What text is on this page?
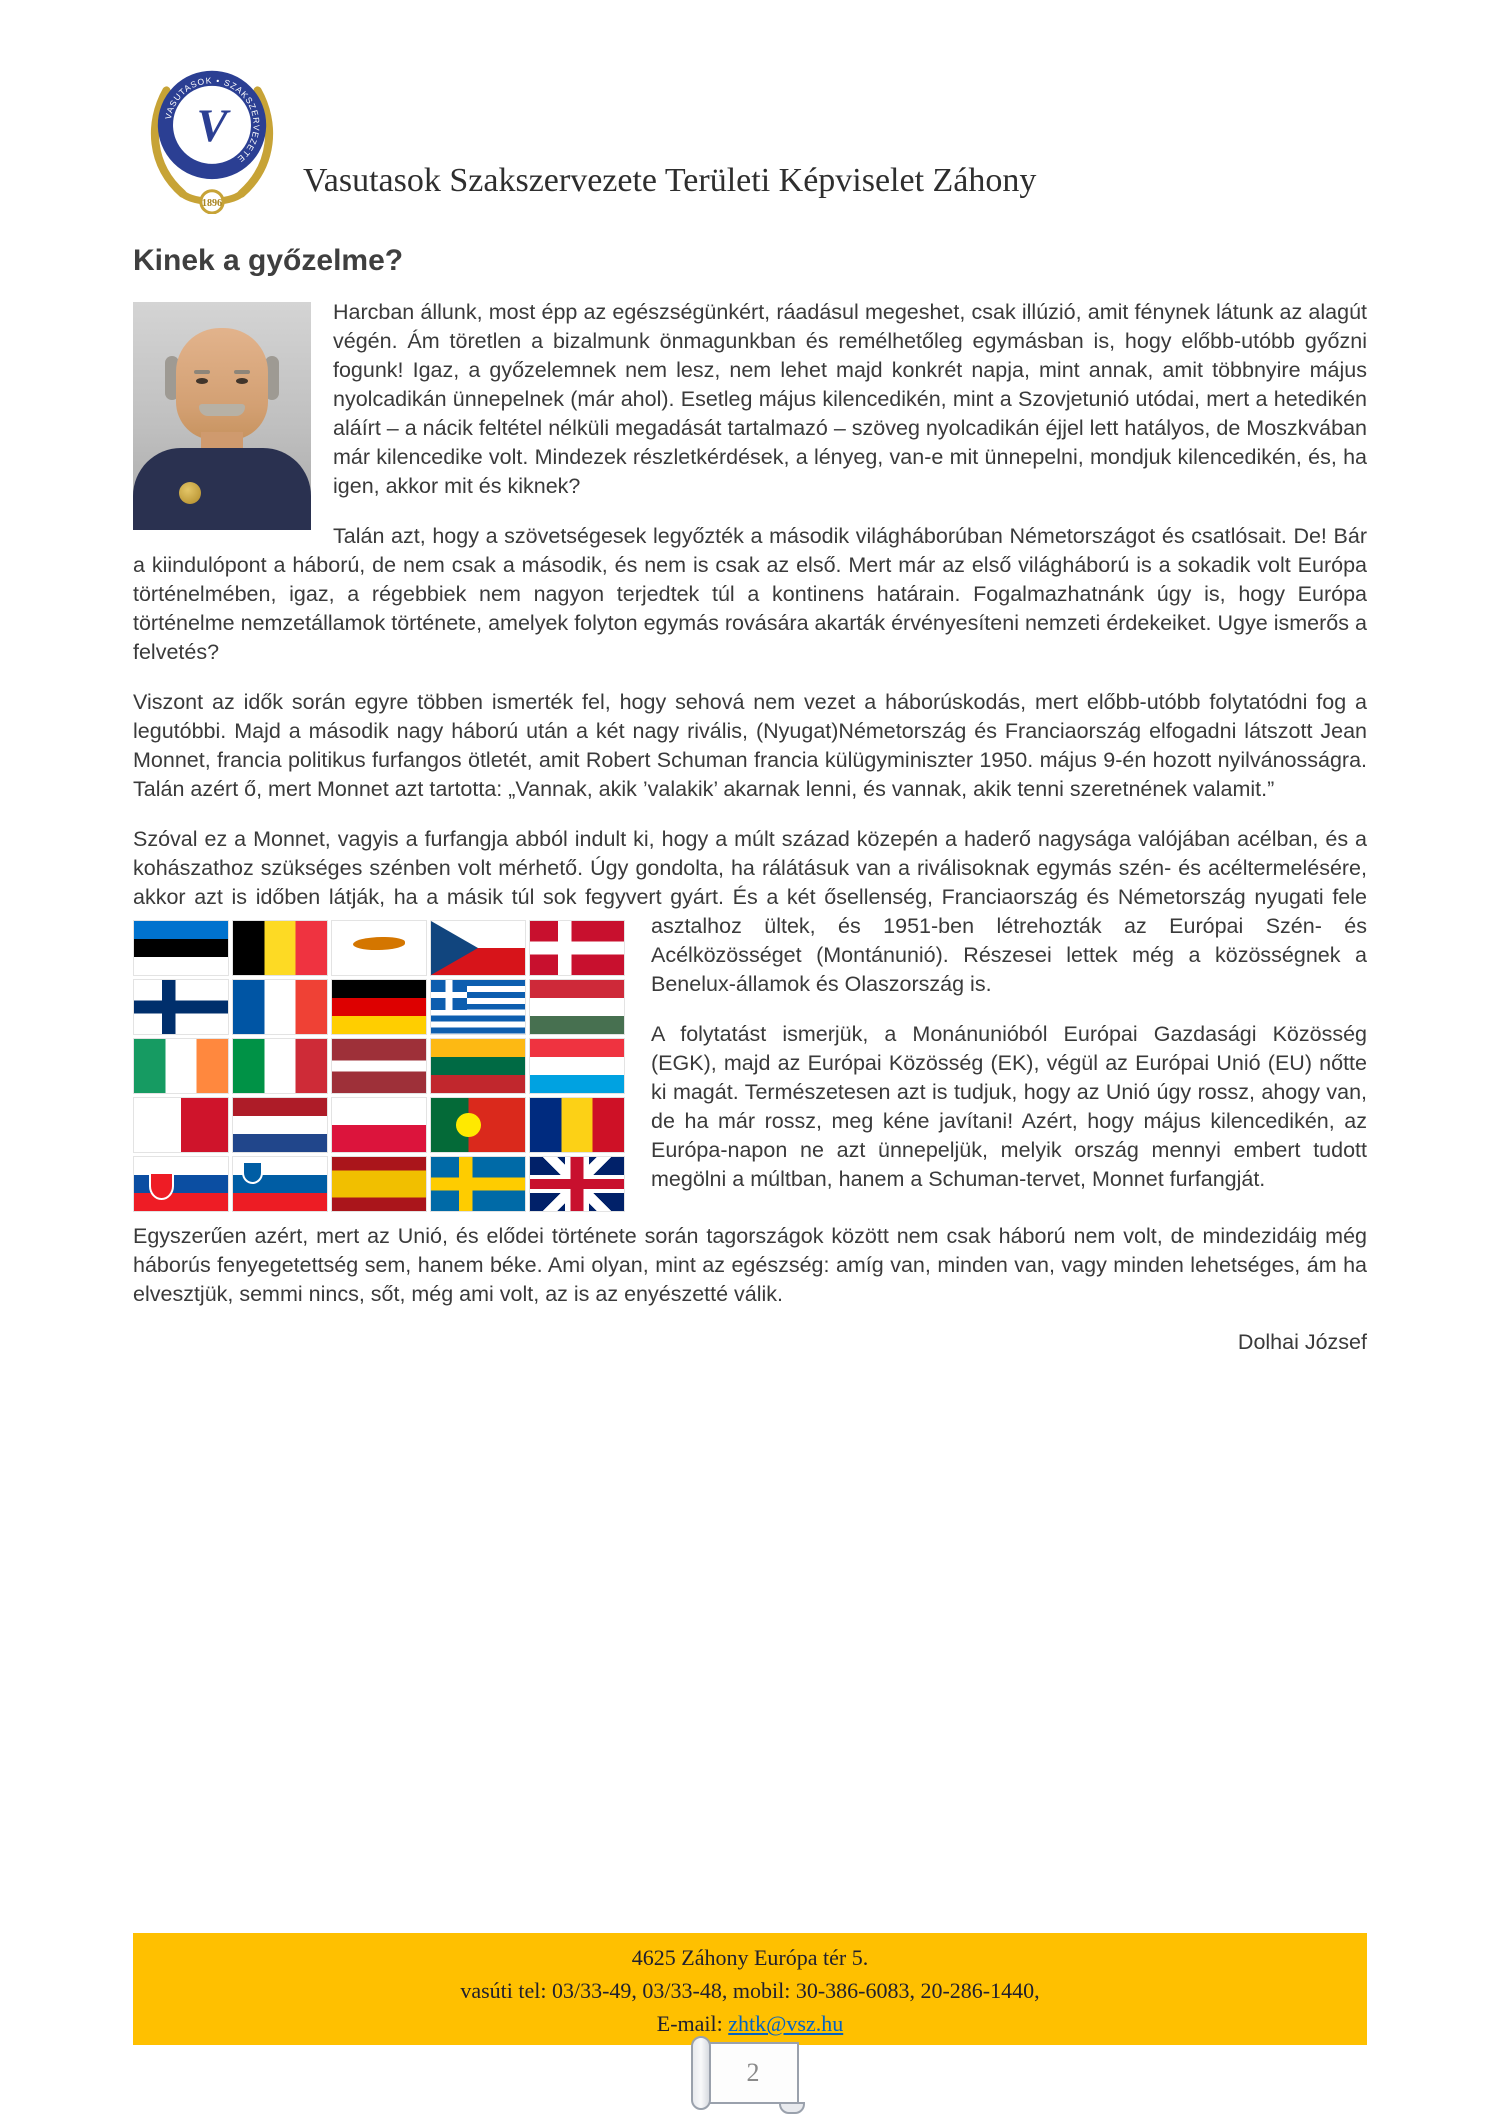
VASUTASOK • SZAKSZERVEZETE
V
1896
Vasutasok Szakszervezete Területi Képviselet Záhony
Kinek a győzelme?

Harcban állunk, most épp az egészségünkért, ráadásul megeshet, csak illúzió, amit fénynek látunk az alagút végén. Ám töretlen a bizalmunk önmagunkban és remélhetőleg egymásban is, hogy előbb-utóbb győzni fogunk! Igaz, a győzelemnek nem lesz, nem lehet majd konkrét napja, mint annak, amit többnyire május nyolcadikán ünnepelnek (már ahol). Esetleg május kilencedikén, mint a Szovjetunió utódai, mert a hetedikén aláírt – a nácik feltétel nélküli megadását tartalmazó – szöveg nyolcadikán éjjel lett hatályos, de Moszkvában már kilencedike volt. Mindezek részletkérdések, a lényeg, van-e mit ünnepelni, mondjuk kilencedikén, és, ha igen, akkor mit és kiknek?

Talán azt, hogy a szövetségesek legyőzték a második világháborúban Németországot és csatlósait. De! Bár a kiindulópont a háború, de nem csak a második, és nem is csak az első. Mert már az első világháború is a sokadik volt Európa történelmében, igaz, a régebbiek nem nagyon terjedtek túl a kontinens határain. Fogalmazhatnánk úgy is, hogy Európa történelme nemzetállamok története, amelyek folyton egymás rovására akarták érvényesíteni nemzeti érdekeiket. Ugye ismerős a felvetés?

Viszont az idők során egyre többen ismerték fel, hogy sehová nem vezet a háborúskodás, mert előbb-utóbb folytatódni fog a legutóbbi. Majd a második nagy háború után a két nagy rivális, (Nyugat)Németország és Franciaország elfogadni látszott Jean Monnet, francia politikus furfangos ötletét, amit Robert Schuman francia külügyminiszter 1950. május 9-én hozott nyilvánosságra. Talán azért ő, mert Monnet azt tartotta: „Vannak, akik ’valakik’ akarnak lenni, és vannak, akik tenni szeretnének valamit.”

Szóval ez a Monnet, vagyis a furfangja abból indult ki, hogy a múlt század közepén a haderő nagysága valójában acélban, és a kohászathoz szükséges szénben volt mérhető. Úgy gondolta, ha rálátásuk van a riválisoknak egymás szén- és acéltermelésére, akkor azt is időben látják, ha a másik túl sok fegyvert gyárt. És a két ősellenség, Franciaország és Németország nyugati fele asztalhoz ültek, és 1951-ben létrehozták az Európai Szén- és
Acélközösséget (Montánunió). Részesei lettek még a közösségnek a Benelux-államok és Olaszország is.

A folytatást ismerjük, a Monánunióból Európai Gazdasági Közösség (EGK), majd az Európai Közösség (EK), végül az Európai Unió (EU) nőtte ki magát. Természetesen azt is tudjuk, hogy az Unió úgy rossz, ahogy van, de ha már rossz, meg kéne javítani! Azért, hogy május kilencedikén, az Európa-napon ne azt ünnepeljük, melyik ország mennyi embert tudott megölni a múltban, hanem a Schuman-tervet, Monnet furfangját.

Egyszerűen azért, mert az Unió, és elődei története során tagországok között nem csak háború nem volt, de mindezidáig még háborús fenyegetettség sem, hanem béke. Ami olyan, mint az egészség: amíg van, minden van, vagy minden lehetséges, ám ha elvesztjük, semmi nincs, sőt, még ami volt, az is az enyészetté válik.

Dolhai József

4625 Záhony Európa tér 5.
vasúti tel: 03/33-49, 03/33-48, mobil: 30-386-6083, 20-286-1440,
E-mail: zhtk@vsz.hu
2
